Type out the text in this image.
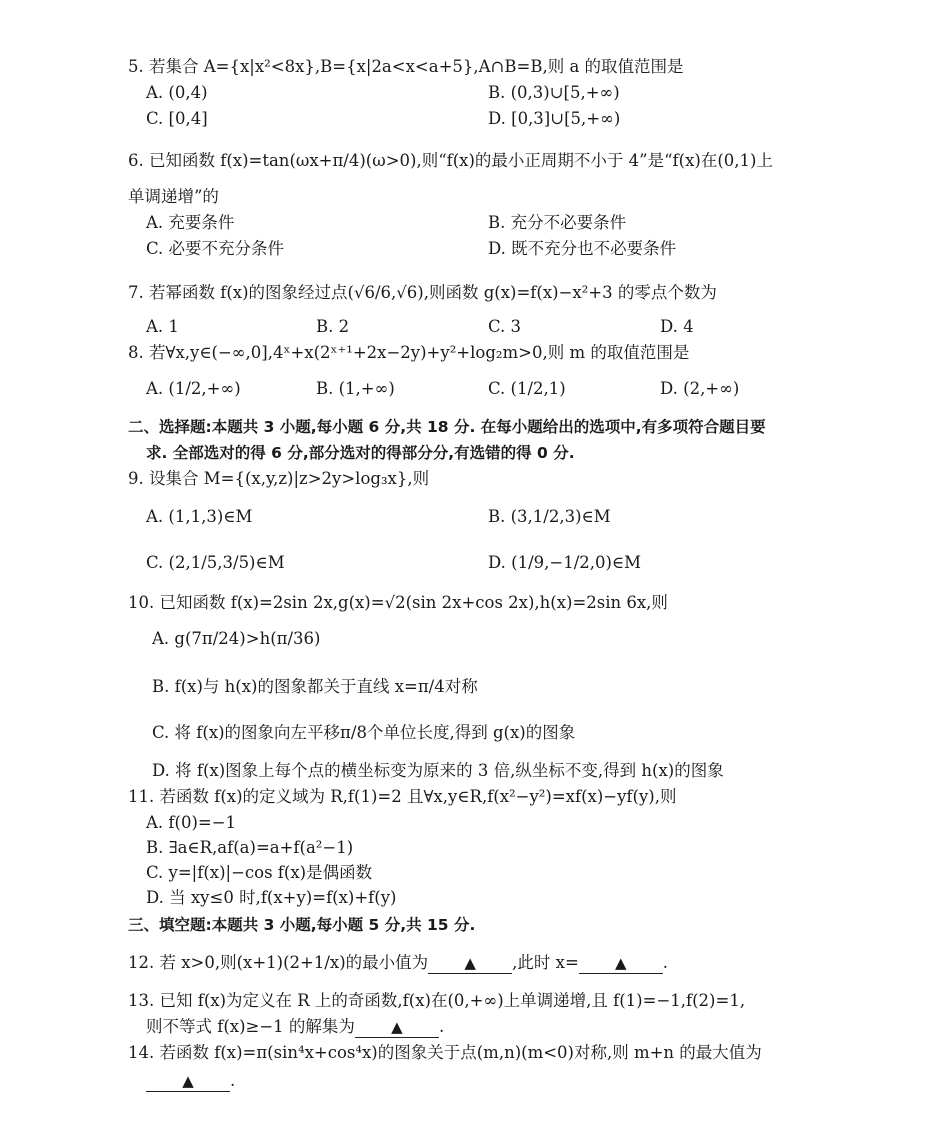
5. 若集合 A={x|x²<8x},B={x|2a<x<a+5},A∩B=B,则 a 的取值范围是
A. (0,4)	B. (0,3)∪[5,+∞)
C. [0,4]	D. [0,3]∪[5,+∞)
6. 已知函数 f(x)=tan(ωx+π/4)(ω>0),则“f(x)的最小正周期不小于 4”是“f(x)在(0,1)上
单调递增”的
A. 充要条件	B. 充分不必要条件
C. 必要不充分条件	D. 既不充分也不必要条件
7. 若幂函数 f(x)的图象经过点(√6/6,√6),则函数 g(x)=f(x)−x²+3 的零点个数为
A. 1	B. 2	C. 3	D. 4
8. 若∀x,y∈(−∞,0],4ˣ+x(2ˣ⁺¹+2x−2y)+y²+log₂m>0,则 m 的取值范围是
A. (1/2,+∞)	B. (1,+∞)	C. (1/2,1)	D. (2,+∞)
二、选择题:本题共 3 小题,每小题 6 分,共 18 分. 在每小题给出的选项中,有多项符合题目要
求. 全部选对的得 6 分,部分选对的得部分分,有选错的得 0 分.
9. 设集合 M={(x,y,z)|z>2y>log₃x},则
A. (1,1,3)∈M	B. (3,1/2,3)∈M
C. (2,1/5,3/5)∈M	D. (1/9,−1/2,0)∈M
10. 已知函数 f(x)=2sin 2x,g(x)=√2(sin 2x+cos 2x),h(x)=2sin 6x,则
A. g(7π/24)>h(π/36)
B. f(x)与 h(x)的图象都关于直线 x=π/4对称
C. 将 f(x)的图象向左平移π/8个单位长度,得到 g(x)的图象
D. 将 f(x)图象上每个点的横坐标变为原来的 3 倍,纵坐标不变,得到 h(x)的图象
11. 若函数 f(x)的定义域为 R,f(1)=2 且∀x,y∈R,f(x²−y²)=xf(x)−yf(y),则
A. f(0)=−1
B. ∃a∈R,af(a)=a+f(a²−1)
C. y=|f(x)|−cos f(x)是偶函数
D. 当 xy≤0 时,f(x+y)=f(x)+f(y)
三、填空题:本题共 3 小题,每小题 5 分,共 15 分.
12. 若 x>0,则(x+1)(2+1/x)的最小值为 ▲ ,此时 x= ▲ .
13. 已知 f(x)为定义在 R 上的奇函数,f(x)在(0,+∞)上单调递增,且 f(1)=−1,f(2)=1,
则不等式 f(x)≥−1 的解集为 ▲ .
14. 若函数 f(x)=π(sin⁴x+cos⁴x)的图象关于点(m,n)(m<0)对称,则 m+n 的最大值为
▲ .
